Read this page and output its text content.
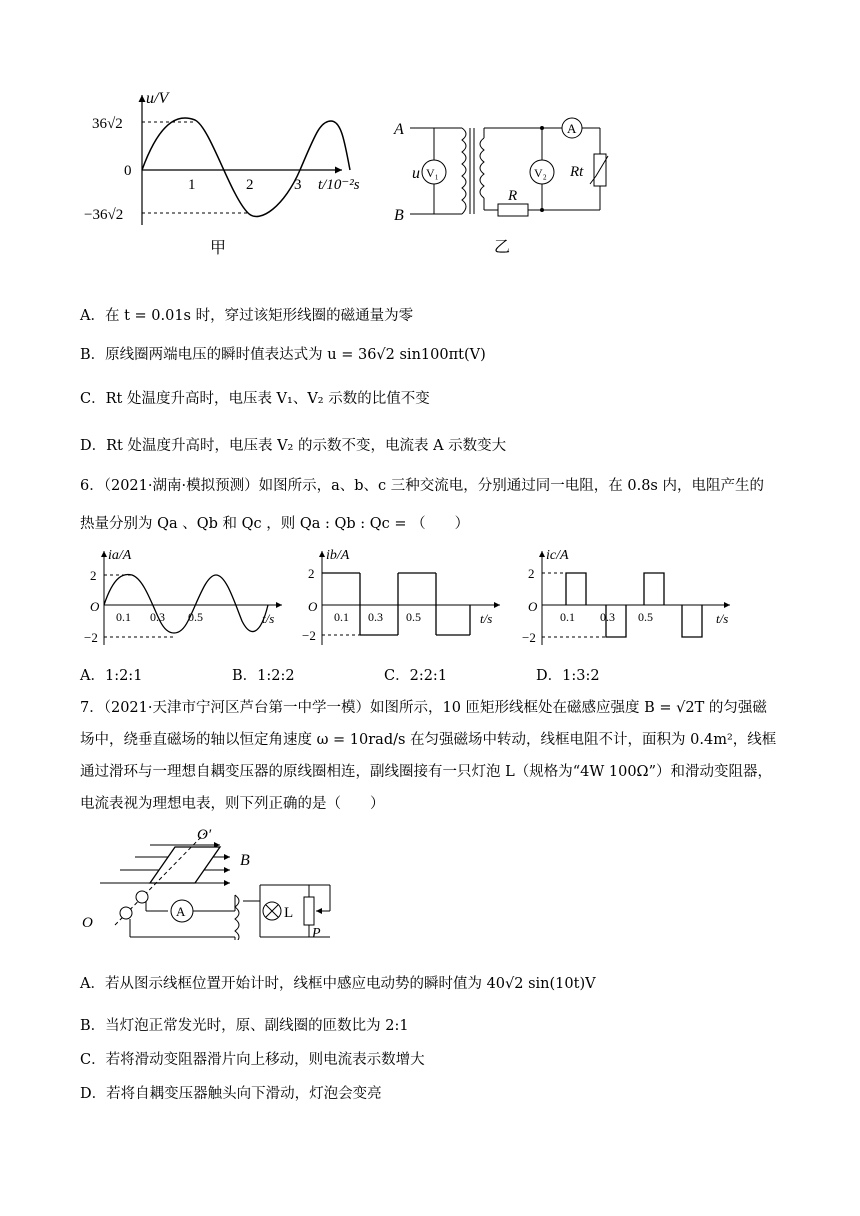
u/V
36√2
−36√2
0
1	2	3 t/10⁻²s
甲
A
B
u V₁
R
V₂
A
Rt
乙
A．在 t = 0.01s 时，穿过该矩形线圈的磁通量为零
B．原线圈两端电压的瞬时值表达式为 u = 36√2 sin100πt(V)
C．Rt 处温度升高时，电压表 V₁、V₂ 示数的比值不变
D．Rt 处温度升高时，电压表 V₂ 的示数不变，电流表 A 示数变大
6．（2021·湖南·模拟预测）如图所示，a、b、c 三种交流电，分别通过同一电阻，在 0.8s 内，电阻产生的
热量分别为 Qa 、Qb 和 Qc ，则 Qa : Qb : Qc = （　　）
ia/A
2
−2
O
0.1 0.3 0.5	t/s
ib/A
2
−2
O
0.1 0.3 0.5	t/s
ic/A
2
−2
O
0.1 0.3 0.5	t/s
A．1:2:1	B．1:2:2	C．2:2:1	D．1:3:2
7．（2021·天津市宁河区芦台第一中学一模）如图所示，10 匝矩形线框处在磁感应强度 B = √2T 的匀强磁场中，绕垂直磁场的轴以恒定角速度 ω = 10rad/s 在匀强磁场中转动，线框电阻不计，面积为 0.4m²，线框通过滑环与一理想自耦变压器的原线圈相连，副线圈接有一只灯泡 L（规格为“4W 100Ω”）和滑动变阻器，电流表视为理想电表，则下列正确的是（　　）
O′
O
B
A	L
P
A．若从图示线框位置开始计时，线框中感应电动势的瞬时值为 40√2 sin(10t)V
B．当灯泡正常发光时，原、副线圈的匝数比为 2:1
C．若将滑动变阻器滑片向上移动，则电流表示数增大
D．若将自耦变压器触头向下滑动，灯泡会变亮
